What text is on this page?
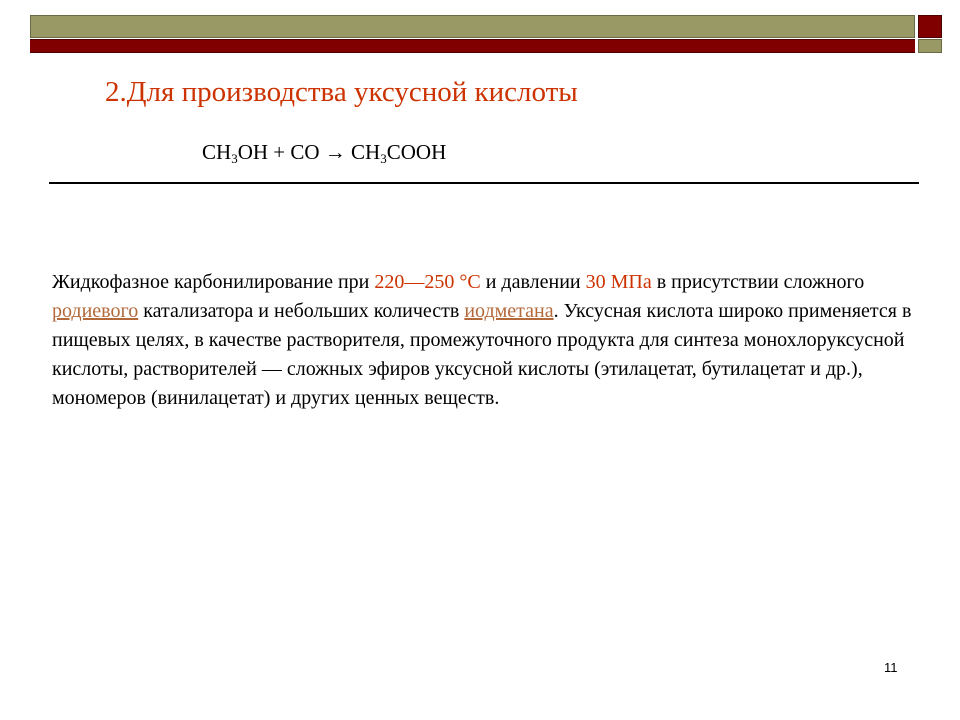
2.Для производства уксусной кислоты
$CH_3OH$ + CO → $CH_3COOH$

Жидкофазное карбонилирование при 220—250 °С и давлении 30 МПа в присутствии сложного родиевого катализатора и небольших количеств иодметана. Уксусная кислота широко применяется в пищевых целях, в качестве растворителя, промежуточного продукта для синтеза монохлоруксусной кислоты, растворителей — сложных эфиров уксусной кислоты (этилацетат, бутилацетат и др.), мономеров (винилацетат) и других ценных веществ.

11
